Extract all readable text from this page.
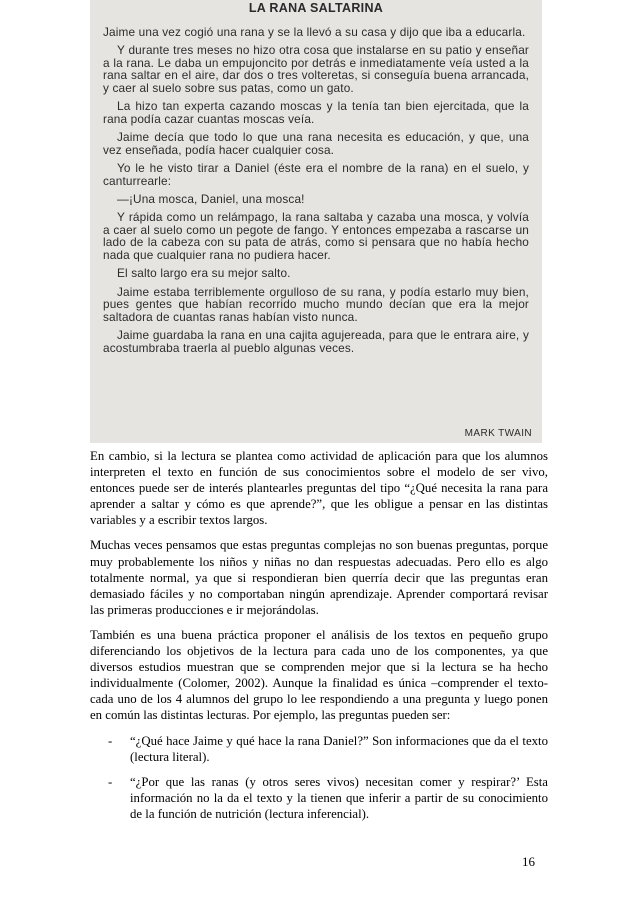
LA RANA SALTARINA

Jaime una vez cogió una rana y se la llevó a su casa y dijo que iba a educarla.

Y durante tres meses no hizo otra cosa que instalarse en su patio y enseñar a la rana. Le daba un empujoncito por detrás e inmediatamente veía usted a la rana saltar en el aire, dar dos o tres volteretas, si conseguía buena arrancada, y caer al suelo sobre sus patas, como un gato.

La hizo tan experta cazando moscas y la tenía tan bien ejercitada, que la rana podía cazar cuantas moscas veía.

Jaime decía que todo lo que una rana necesita es educación, y que, una vez enseñada, podía hacer cualquier cosa.

Yo le he visto tirar a Daniel (éste era el nombre de la rana) en el suelo, y canturrearle:

—¡Una mosca, Daniel, una mosca!

Y rápida como un relámpago, la rana saltaba y cazaba una mosca, y volvía a caer al suelo como un pegote de fango. Y entonces empezaba a rascarse un lado de la cabeza con su pata de atrás, como si pensara que no había hecho nada que cualquier rana no pudiera hacer.

El salto largo era su mejor salto.

Jaime estaba terriblemente orgulloso de su rana, y podía estarlo muy bien, pues gentes que habían recorrido mucho mundo decían que era la mejor saltadora de cuantas ranas habían visto nunca.

Jaime guardaba la rana en una cajita agujereada, para que le entrara aire, y acostumbraba traerla al pueblo algunas veces.

MARK TWAIN

En cambio, si la lectura se plantea como actividad de aplicación para que los alumnos interpreten el texto en función de sus conocimientos sobre el modelo de ser vivo, entonces puede ser de interés plantearles preguntas del tipo “¿Qué necesita la rana para aprender a saltar y cómo es que aprende?”, que les obligue a pensar en las distintas variables y a escribir textos largos.

Muchas veces pensamos que estas preguntas complejas no son buenas preguntas, porque muy probablemente los niños y niñas no dan respuestas adecuadas. Pero ello es algo totalmente normal, ya que si respondieran bien querría decir que las preguntas eran demasiado fáciles y no comportaban ningún aprendizaje. Aprender comportará revisar las primeras producciones e ir mejorándolas.

También es una buena práctica proponer el análisis de los textos en pequeño grupo diferenciando los objetivos de la lectura para cada uno de los componentes, ya que diversos estudios muestran que se comprenden mejor que si la lectura se ha hecho individualmente (Colomer, 2002). Aunque la finalidad es única –comprender el texto- cada uno de los 4 alumnos del grupo lo lee respondiendo a una pregunta y luego ponen en común las distintas lecturas. Por ejemplo, las preguntas pueden ser:

- “¿Qué hace Jaime y qué hace la rana Daniel?” Son informaciones que da el texto (lectura literal).
- “¿Por que las ranas (y otros seres vivos) necesitan comer y respirar?’ Esta información no la da el texto y la tienen que inferir a partir de su conocimiento de la función de nutrición (lectura inferencial).
16
